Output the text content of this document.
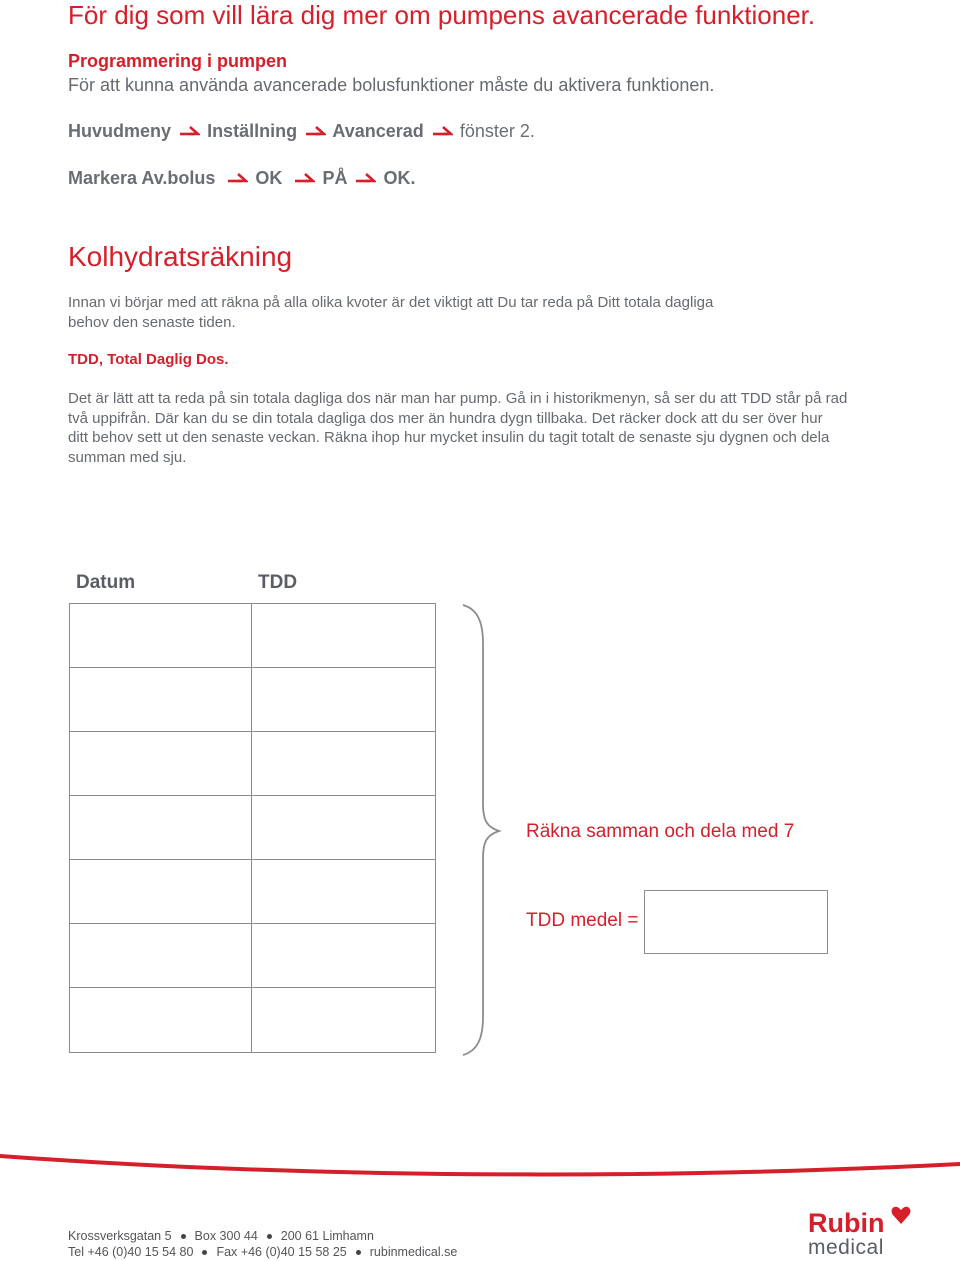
För dig som vill lära dig mer om pumpens avancerade funktioner.
Programmering i pumpen
För att kunna använda avancerade bolusfunktioner måste du aktivera funktionen.
Huvudmeny Inställning Avancerad fönster 2.
Markera Av.bolus OK PÅ OK.
Kolhydratsräkning
Innan vi börjar med att räkna på alla olika kvoter är det viktigt att Du tar reda på Ditt totala dagliga
behov den senaste tiden.
TDD, Total Daglig Dos.
Det är lätt att ta reda på sin totala dagliga dos när man har pump. Gå in i historikmenyn, så ser du att TDD står på rad
två uppifrån. Där kan du se din totala dagliga dos mer än hundra dygn tillbaka. Det räcker dock att du ser över hur
ditt behov sett ut den senaste veckan. Räkna ihop hur mycket insulin du tagit totalt de senaste sju dygnen och dela
summan med sju.
Datum	TDD
Räkna samman och dela med 7
TDD medel =
Krossverksgatan 5 Box 300 44 200 61 Limhamn
Tel +46 (0)40 15 54 80 Fax +46 (0)40 15 58 25 rubinmedical.se
Rubin
medical
